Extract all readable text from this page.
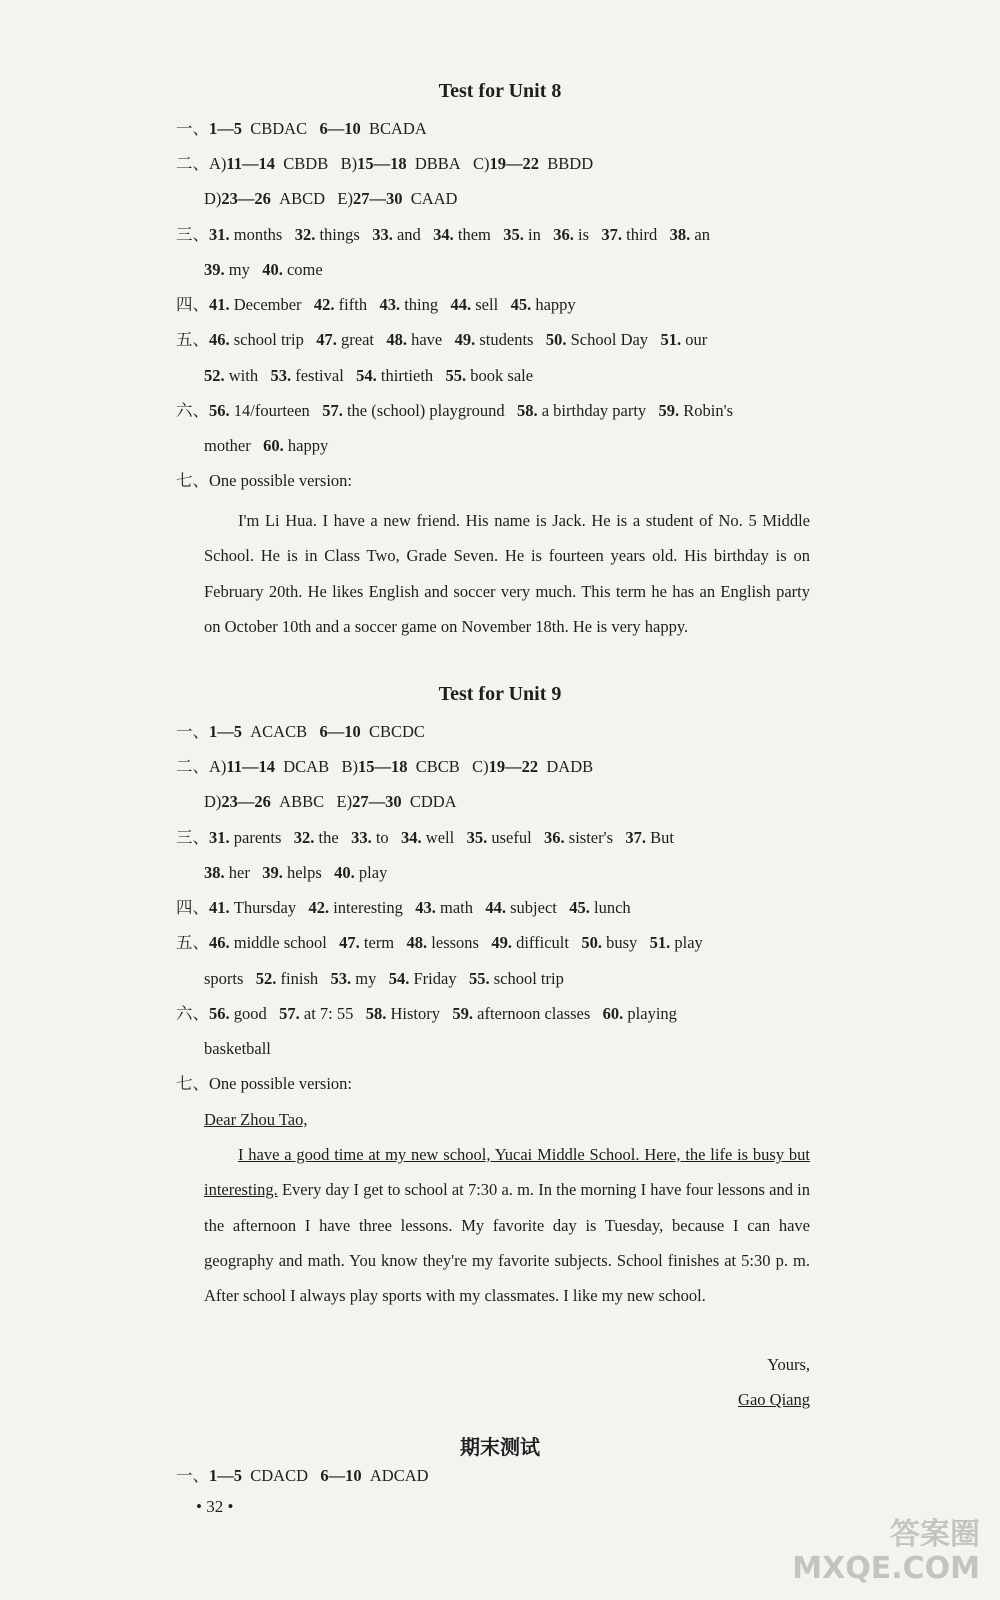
Test for Unit 8
一、1—5 CBDAC 6—10 BCADA
二、A)11—14 CBDB B)15—18 DBBA C)19—22 BBDD
D)23—26 ABCD E)27—30 CAAD
三、31. months 32. things 33. and 34. them 35. in 36. is 37. third 38. an
39. my 40. come
四、41. December 42. fifth 43. thing 44. sell 45. happy
五、46. school trip 47. great 48. have 49. students 50. School Day 51. our
52. with 53. festival 54. thirtieth 55. book sale
六、56. 14/fourteen 57. the (school) playground 58. a birthday party 59. Robin's
mother 60. happy
七、One possible version:
I'm Li Hua. I have a new friend. His name is Jack. He is a student of No. 5 Middle School. He is in Class Two, Grade Seven. He is fourteen years old. His birthday is on February 20th. He likes English and soccer very much. This term he has an English party on October 10th and a soccer game on November 18th. He is very happy.
Test for Unit 9
一、1—5 ACACB 6—10 CBCDC
二、A)11—14 DCAB B)15—18 CBCB C)19—22 DADB
D)23—26 ABBC E)27—30 CDDA
三、31. parents 32. the 33. to 34. well 35. useful 36. sister's 37. But
38. her 39. helps 40. play
四、41. Thursday 42. interesting 43. math 44. subject 45. lunch
五、46. middle school 47. term 48. lessons 49. difficult 50. busy 51. play
sports 52. finish 53. my 54. Friday 55. school trip
六、56. good 57. at 7: 55 58. History 59. afternoon classes 60. playing
basketball
七、One possible version:
Dear Zhou Tao,
I have a good time at my new school, Yucai Middle School. Here, the life is busy but interesting. Every day I get to school at 7:30 a. m. In the morning I have four lessons and in the afternoon I have three lessons. My favorite day is Tuesday, because I can have geography and math. You know they're my favorite subjects. School finishes at 5:30 p. m. After school I always play sports with my classmates. I like my new school.
Yours,
Gao Qiang
期末测试
一、1—5 CDACD 6—10 ADCAD
• 32 •
答案圈
MXQE.COM
